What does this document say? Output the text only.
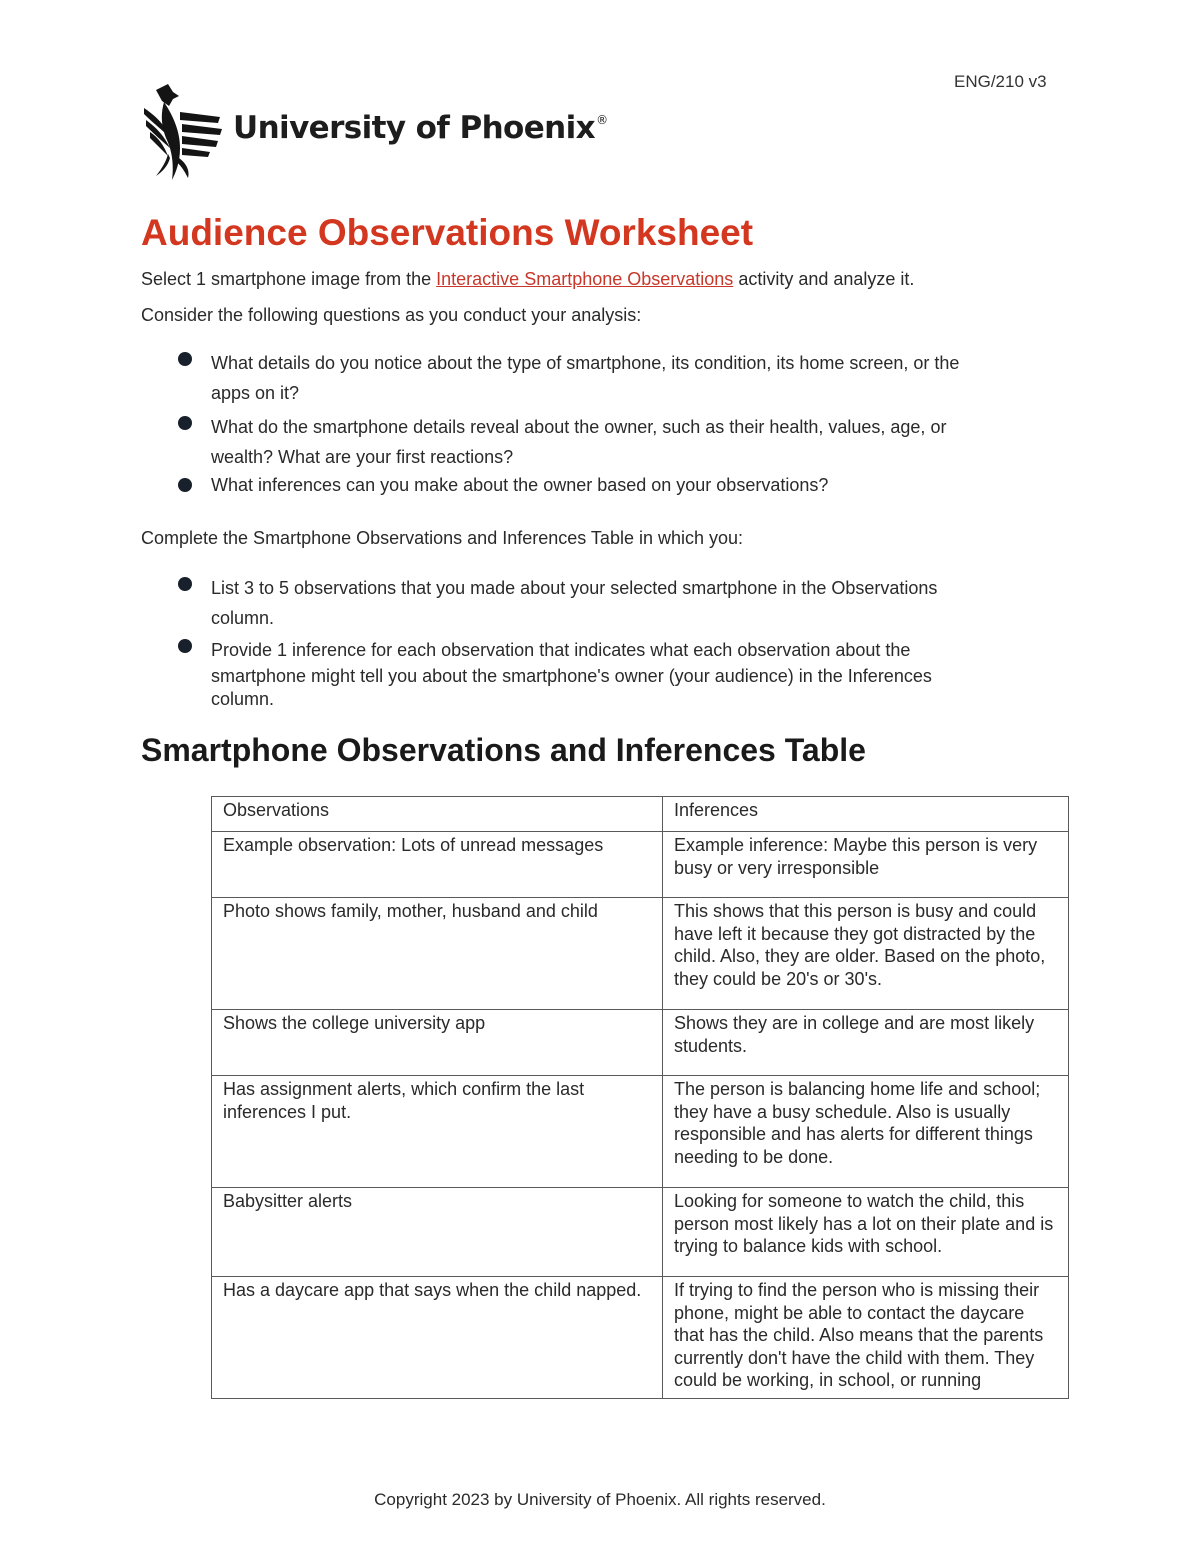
ENG/210 v3
University of Phoenix®
Audience Observations Worksheet

Select 1 smartphone image from the Interactive Smartphone Observations activity and analyze it.

Consider the following questions as you conduct your analysis:

What details do you notice about the type of smartphone, its condition, its home screen, or the
apps on it?
What do the smartphone details reveal about the owner, such as their health, values, age, or
wealth? What are your first reactions?
What inferences can you make about the owner based on your observations?

Complete the Smartphone Observations and Inferences Table in which you:

List 3 to 5 observations that you made about your selected smartphone in the Observations
column.
Provide 1 inference for each observation that indicates what each observation about the
smartphone might tell you about the smartphone's owner (your audience) in the Inferences
column.
Smartphone Observations and Inferences Table
Observations	Inferences
Example observation: Lots of unread messages	Example inference: Maybe this person is very busy or very irresponsible
Photo shows family, mother, husband and child	This shows that this person is busy and could have left it because they got distracted by the child. Also, they are older. Based on the photo, they could be 20's or 30's.
Shows the college university app	Shows they are in college and are most likely students.
Has assignment alerts, which confirm the last inferences I put.	The person is balancing home life and school; they have a busy schedule. Also is usually responsible and has alerts for different things needing to be done.
Babysitter alerts	Looking for someone to watch the child, this person most likely has a lot on their plate and is trying to balance kids with school.
Has a daycare app that says when the child napped.	If trying to find the person who is missing their phone, might be able to contact the daycare that has the child. Also means that the parents currently don't have the child with them. They could be working, in school, or running
Copyright 2023 by University of Phoenix. All rights reserved.
